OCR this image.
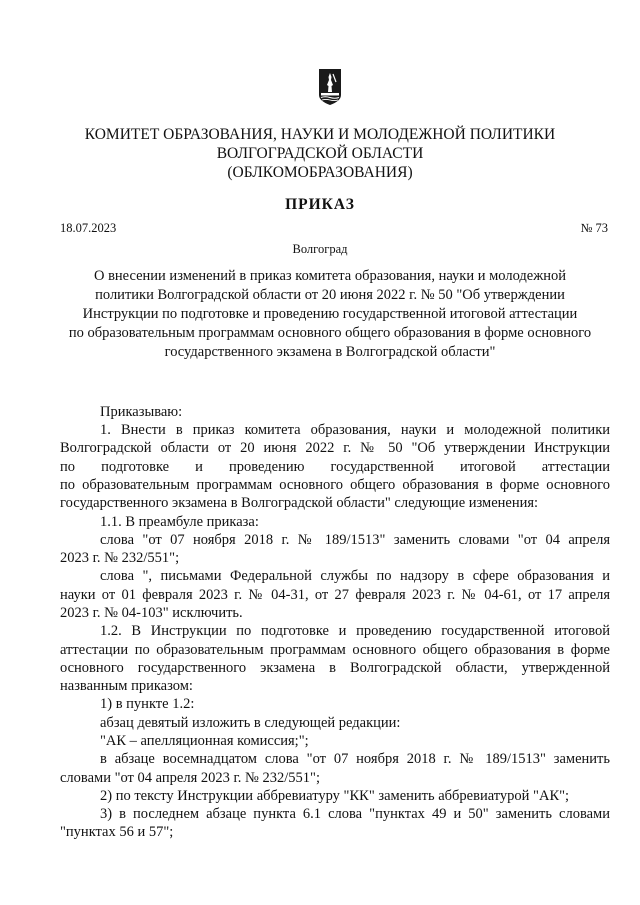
КОМИТЕТ ОБРАЗОВАНИЯ, НАУКИ И МОЛОДЕЖНОЙ ПОЛИТИКИ
ВОЛГОГРАДСКОЙ ОБЛАСТИ
(ОБЛКОМОБРАЗОВАНИЯ)
ПРИКАЗ
18.07.2023	№ 73
Волгоград
О внесении изменений в приказ комитета образования, науки и молодежной
политики Волгоградской области от 20 июня 2022 г. № 50 "Об утверждении
Инструкции по подготовке и проведению государственной итоговой аттестации
по образовательным программам основного общего образования в форме основного
государственного экзамена в Волгоградской области"
Приказываю:
1. Внести в приказ комитета образования, науки и молодежной политики
Волгоградской области от 20 июня 2022 г. № 50 "Об утверждении Инструкции
по подготовке и проведению государственной итоговой аттестации
по образовательным программам основного общего образования в форме основного
государственного экзамена в Волгоградской области" следующие изменения:
1.1. В преамбуле приказа:
слова "от 07 ноября 2018 г. № 189/1513" заменить словами "от 04 апреля
2023 г. № 232/551";
слова ", письмами Федеральной службы по надзору в сфере образования и
науки от 01 февраля 2023 г. № 04-31, от 27 февраля 2023 г. № 04-61, от 17 апреля
2023 г. № 04-103" исключить.
1.2. В Инструкции по подготовке и проведению государственной итоговой
аттестации по образовательным программам основного общего образования в форме
основного государственного экзамена в Волгоградской области, утвержденной
названным приказом:
1) в пункте 1.2:
абзац девятый изложить в следующей редакции:
"АК – апелляционная комиссия;";
в абзаце восемнадцатом слова "от 07 ноября 2018 г. № 189/1513" заменить
словами "от 04 апреля 2023 г. № 232/551";
2) по тексту Инструкции аббревиатуру "КК" заменить аббревиатурой "АК";
3) в последнем абзаце пункта 6.1 слова "пунктах 49 и 50" заменить словами
"пунктах 56 и 57";
